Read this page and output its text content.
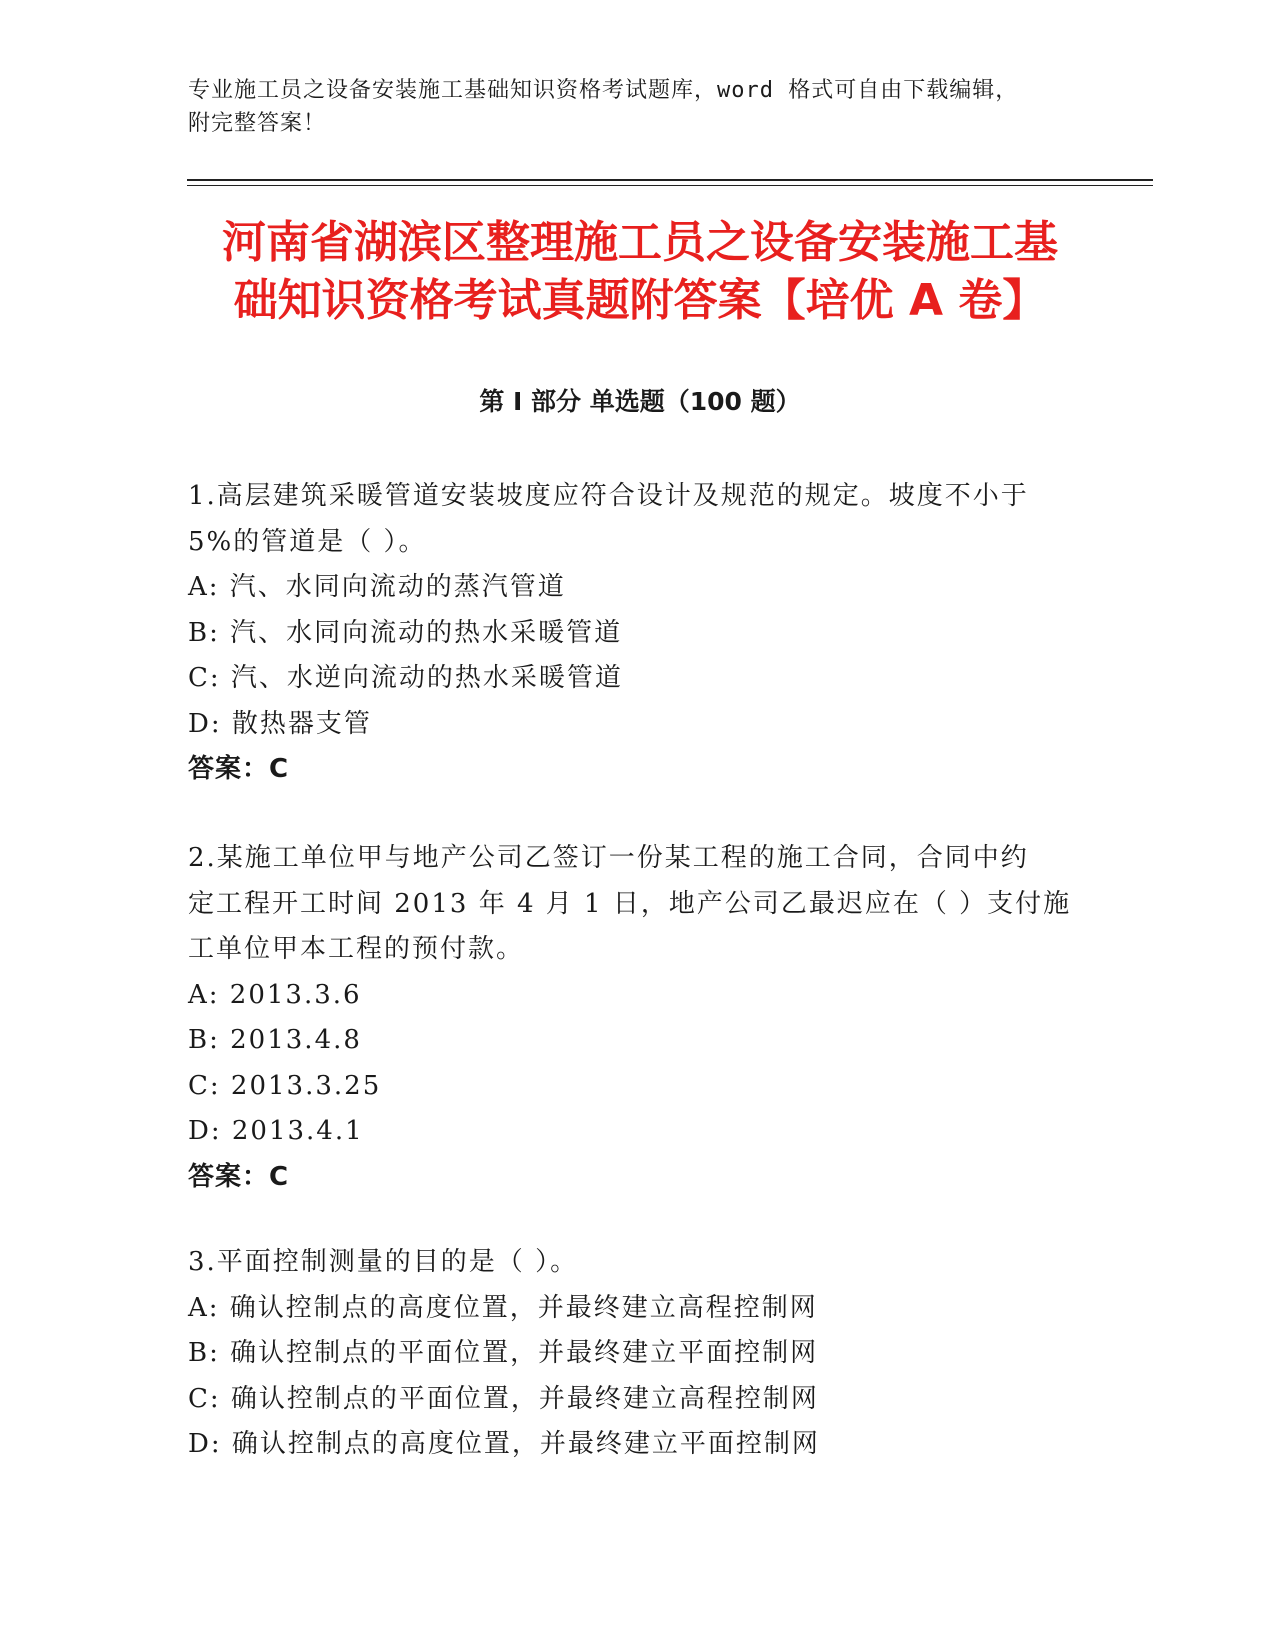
专业施工员之设备安装施工基础知识资格考试题库，word 格式可自由下载编辑，
附完整答案！
河南省湖滨区整理施工员之设备安装施工基
础知识资格考试真题附答案【培优 A 卷】
第 I 部分 单选题（100 题）
1.高层建筑采暖管道安装坡度应符合设计及规范的规定。坡度不小于
5%的管道是（ ）。
A: 汽、水同向流动的蒸汽管道
B: 汽、水同向流动的热水采暖管道
C: 汽、水逆向流动的热水采暖管道
D: 散热器支管
答案：C
2.某施工单位甲与地产公司乙签订一份某工程的施工合同，合同中约
定工程开工时间 2013 年 4 月 1 日，地产公司乙最迟应在（ ）支付施
工单位甲本工程的预付款。
A: 2013.3.6
B: 2013.4.8
C: 2013.3.25
D: 2013.4.1
答案：C
3.平面控制测量的目的是（ ）。
A: 确认控制点的高度位置，并最终建立高程控制网
B: 确认控制点的平面位置，并最终建立平面控制网
C: 确认控制点的平面位置，并最终建立高程控制网
D: 确认控制点的高度位置，并最终建立平面控制网
